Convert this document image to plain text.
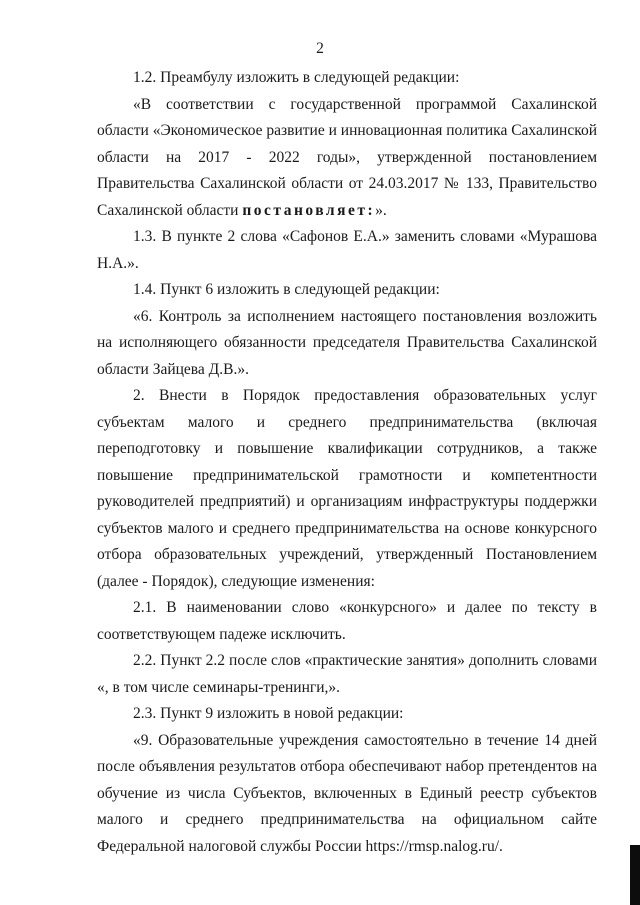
2

1.2. Преамбулу изложить в следующей редакции:

«В соответствии с государственной программой Сахалинской области «Экономическое развитие и инновационная политика Сахалинской области на 2017 - 2022 годы», утвержденной постановлением Правительства Сахалинской области от 24.03.2017 № 133, Правительство Сахалинской области постановляет:».

1.3. В пункте 2 слова «Сафонов Е.А.» заменить словами «Мурашова Н.А.».

1.4. Пункт 6 изложить в следующей редакции:

«6. Контроль за исполнением настоящего постановления возложить на исполняющего обязанности председателя Правительства Сахалинской области Зайцева Д.В.».

2. Внести в Порядок предоставления образовательных услуг субъектам малого и среднего предпринимательства (включая переподготовку и повышение квалификации сотрудников, а также повышение предпринимательской грамотности и компетентности руководителей предприятий) и организациям инфраструктуры поддержки субъектов малого и среднего предпринимательства на основе конкурсного отбора образовательных учреждений, утвержденный Постановлением (далее - Порядок), следующие изменения:

2.1. В наименовании слово «конкурсного» и далее по тексту в соответствующем падеже исключить.

2.2. Пункт 2.2 после слов «практические занятия» дополнить словами «, в том числе семинары-тренинги,».

2.3. Пункт 9 изложить в новой редакции:

«9. Образовательные учреждения самостоятельно в течение 14 дней после объявления результатов отбора обеспечивают набор претендентов на обучение из числа Субъектов, включенных в Единый реестр субъектов малого и среднего предпринимательства на официальном сайте Федеральной налоговой службы России https://rmsp.nalog.ru/.
